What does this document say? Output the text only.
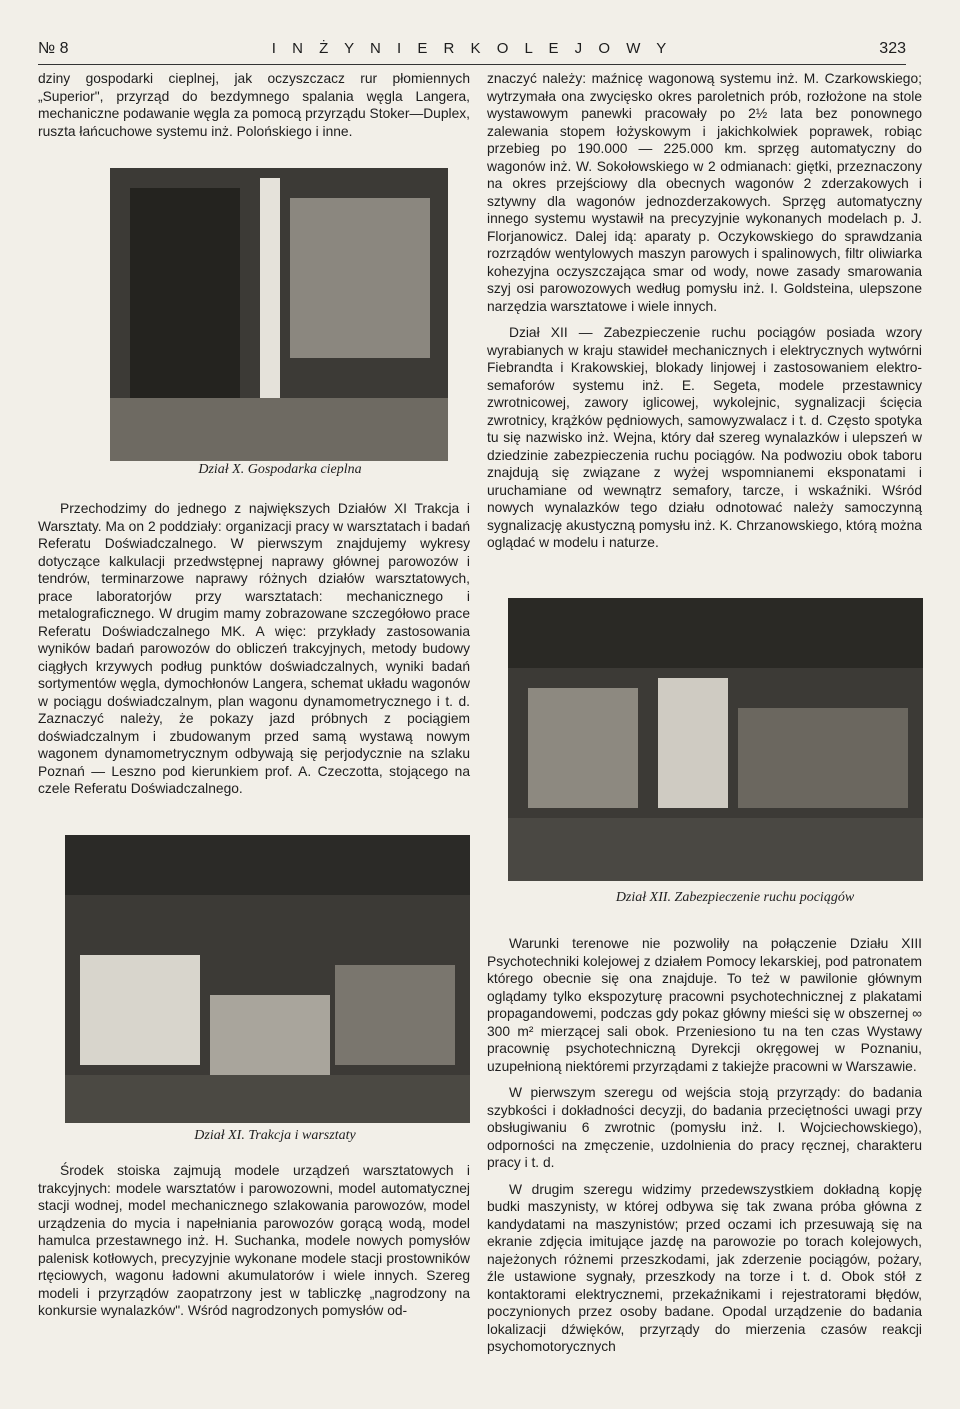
№ 8	I N Ż Y N I E R K O L E J O W Y	323

dziny gospodarki cieplnej, jak oczyszczacz rur płomiennych „Superior", przyrząd do bezdymnego spalania węgla Langera, mechaniczne podawanie węgla za pomocą przyrządu Stoker—Duplex, ruszta łańcuchowe systemu inż. Polońskiego i inne.

Dział X. Gospodarka cieplna

Przechodzimy do jednego z największych Działów XI Trakcja i Warsztaty. Ma on 2 poddziały: organizacji pracy w warsztatach i badań Referatu Doświadczalnego. W pierwszym znajdujemy wykresy dotyczące kalkulacji przedwstępnej naprawy głównej parowozów i tendrów, terminarzowe naprawy różnych działów warsztatowych, prace laboratorjów przy warsztatach: mechanicznego i metalograficznego. W drugim mamy zobrazowane szczegółowo prace Referatu Doświadczalnego MK. A więc: przykłady zastosowania wyników badań parowozów do obliczeń trakcyjnych, metody budowy ciągłych krzywych podług punktów doświadczalnych, wyniki badań sortymentów węgla, dymochłonów Langera, schemat układu wagonów w pociągu doświadczalnym, plan wagonu dynamometrycznego i t. d. Zaznaczyć należy, że pokazy jazd próbnych z pociągiem doświadczalnym i zbudowanym przed samą wystawą nowym wagonem dynamometrycznym odbywają się perjodycznie na szlaku Poznań — Leszno pod kierunkiem prof. A. Czeczotta, stojącego na czele Referatu Doświadczalnego.

Dział XI. Trakcja i warsztaty

Środek stoiska zajmują modele urządzeń warsztatowych i trakcyjnych: modele warsztatów i parowozowni, model automatycznej stacji wodnej, model mechanicznego szlakowania parowozów, model urządzenia do mycia i napełniania parowozów gorącą wodą, model hamulca przestawnego inż. H. Suchanka, modele nowych pomysłów palenisk kotłowych, precyzyjnie wykonane modele stacji prostowników rtęciowych, wagonu ładowni akumulatorów i wiele innych. Szereg modeli i przyrządów zaopatrzony jest w tabliczkę „nagrodzony na konkursie wynalazków". Wśród nagrodzonych pomysłów od-

znaczyć należy: maźnicę wagonową systemu inż. M. Czarkowskiego; wytrzymała ona zwycięsko okres paroletnich prób, rozłożone na stole wystawowym panewki pracowały po 2½ lata bez ponownego zalewania stopem łożyskowym i jakichkolwiek poprawek, robiąc przebieg po 190.000 — 225.000 km. sprzęg automatyczny do wagonów inż. W. Sokołowskiego w 2 odmianach: giętki, przeznaczony na okres przejściowy dla obecnych wagonów 2 zderzakowych i sztywny dla wagonów jednozderzakowych. Sprzęg automatyczny innego systemu wystawił na precyzyjnie wykonanych modelach p. J. Florjanowicz. Dalej idą: aparaty p. Oczykowskiego do sprawdzania rozrządów wentylowych maszyn parowych i spalinowych, filtr oliwiarka kohezyjna oczyszczająca smar od wody, nowe zasady smarowania szyj osi parowozowych według pomysłu inż. I. Goldsteina, ulepszone narzędzia warsztatowe i wiele innych.

Dział XII — Zabezpieczenie ruchu pociągów posiada wzory wyrabianych w kraju stawideł mechanicznych i elektrycznych wytwórni Fiebrandta i Krakowskiej, blokady linjowej i zastosowaniem elektro-semaforów systemu inż. E. Segeta, modele przestawnicy zwrotnicowej, zawory iglicowej, wykolejnic, sygnalizacji ścięcia zwrotnicy, krążków pędniowych, samowyzwalacz i t. d. Często spotyka tu się nazwisko inż. Wejna, który dał szereg wynalazków i ulepszeń w dziedzinie zabezpieczenia ruchu pociągów. Na podwoziu obok taboru znajdują się związane z wyżej wspomnianemi eksponatami i uruchamiane od wewnątrz semafory, tarcze, i wskaźniki. Wśród nowych wynalazków tego działu odnotować należy samoczynną sygnalizację akustyczną pomysłu inż. K. Chrzanowskiego, którą można oglądać w modelu i naturze.

Dział XII. Zabezpieczenie ruchu pociągów

Warunki terenowe nie pozwoliły na połączenie Działu XIII Psychotechniki kolejowej z działem Pomocy lekarskiej, pod patronatem którego obecnie się ona znajduje. To też w pawilonie głównym oglądamy tylko ekspozyturę pracowni psychotechnicznej z plakatami propagandowemi, podczas gdy pokaz główny mieści się w obszernej ∞ 300 m² mierzącej sali obok. Przeniesiono tu na ten czas Wystawy pracownię psychotechniczną Dyrekcji okręgowej w Poznaniu, uzupełnioną niektóremi przyrządami z takiejże pracowni w Warszawie.

W pierwszym szeregu od wejścia stoją przyrządy: do badania szybkości i dokładności decyzji, do badania przeciętności uwagi przy obsługiwaniu 6 zwrotnic (pomysłu inż. I. Wojciechowskiego), odporności na zmęczenie, uzdolnienia do pracy ręcznej, charakteru pracy i t. d.

W drugim szeregu widzimy przedewszystkiem dokładną kopję budki maszynisty, w której odbywa się tak zwana próba główna z kandydatami na maszynistów; przed oczami ich przesuwają się na ekranie zdjęcia imitujące jazdę na parowozie po torach kolejowych, najeżonych różnemi przeszkodami, jak zderzenie pociągów, pożary, źle ustawione sygnały, przeszkody na torze i t. d. Obok stół z kontaktorami elektrycznemi, przekaźnikami i rejestratorami błędów, poczynionych przez osoby badane. Opodal urządzenie do badania lokalizacji dźwięków, przyrządy do mierzenia czasów reakcji psychomotorycznych
